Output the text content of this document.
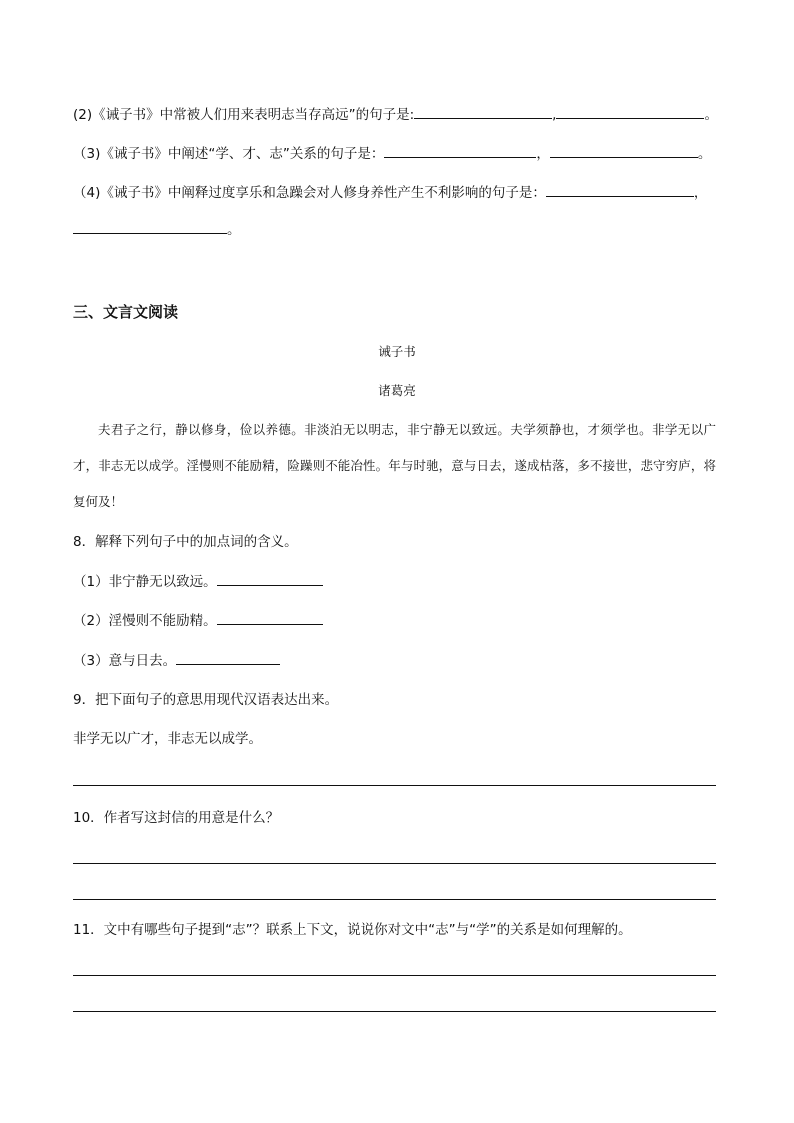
(2)《诫子书》中常被人们用来表明志当存高远”的句子是:	,	。
（3)《诫子书》中阐述“学、才、志”关系的句子是：	，	。
（4)《诫子书》中阐释过度享乐和急躁会对人修身养性产生不利影响的句子是：	，
。
三、文言文阅读
诫子书
诸葛亮

夫君子之行，静以修身，俭以养德。非淡泊无以明志，非宁静无以致远。夫学须静也，才须学也。非学无以广才，非志无以成学。淫慢则不能励精，险躁则不能冶性。年与时驰，意与日去，遂成枯落，多不接世，悲守穷庐，将复何及！

8．解释下列句子中的加点词的含义。
（1）非宁静无以致远。
（2）淫慢则不能励精。
（3）意与日去。
9．把下面句子的意思用现代汉语表达出来。
非学无以广才，非志无以成学。
10．作者写这封信的用意是什么？
11．文中有哪些句子提到“志”？联系上下文，说说你对文中“志”与“学”的关系是如何理解的。
